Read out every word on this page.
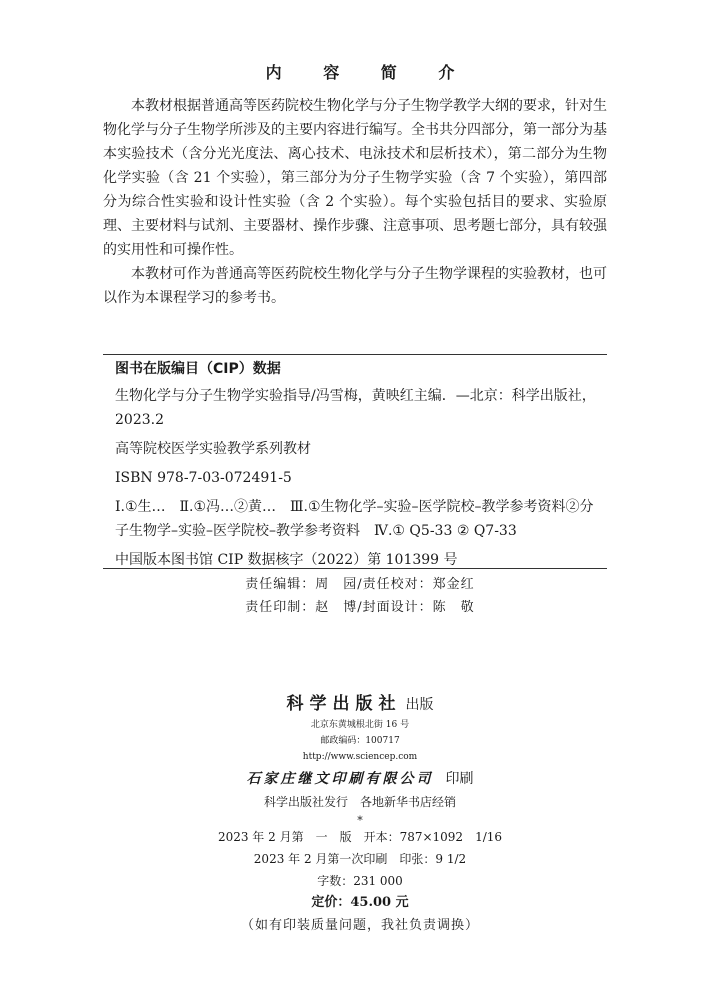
内 容 简 介

本教材根据普通高等医药院校生物化学与分子生物学教学大纲的要求，针对生物化学与分子生物学所涉及的主要内容进行编写。全书共分四部分，第一部分为基本实验技术（含分光光度法、离心技术、电泳技术和层析技术），第二部分为生物化学实验（含 21 个实验），第三部分为分子生物学实验（含 7 个实验），第四部分为综合性实验和设计性实验（含 2 个实验）。每个实验包括目的要求、实验原理、主要材料与试剂、主要器材、操作步骤、注意事项、思考题七部分，具有较强的实用性和可操作性。

本教材可作为普通高等医药院校生物化学与分子生物学课程的实验教材，也可以作为本课程学习的参考书。

图书在版编目（CIP）数据
生物化学与分子生物学实验指导/冯雪梅，黄映红主编．—北京：科学出版社，2023.2
高等院校医学实验教学系列教材
ISBN 978-7-03-072491-5
Ⅰ.①生…　Ⅱ.①冯…②黄…　Ⅲ.①生物化学–实验–医学院校–教学参考资料②分子生物学–实验–医学院校–教学参考资料　Ⅳ.① Q5-33 ② Q7-33
中国版本图书馆 CIP 数据核字（2022）第 101399 号
责任编辑：周　园/责任校对：郑金红
责任印制：赵　博/封面设计：陈　敬
科学出版社 出版
北京东黄城根北街 16 号
邮政编码：100717
http://www.sciencep.com
石家庄继文印刷有限公司 印刷
科学出版社发行　各地新华书店经销
*
2023 年 2 月第　一　版　开本：787×1092　1/16
2023 年 2 月第一次印刷　印张：9 1/2
字数：231 000
定价：45.00 元
（如有印装质量问题，我社负责调换）
